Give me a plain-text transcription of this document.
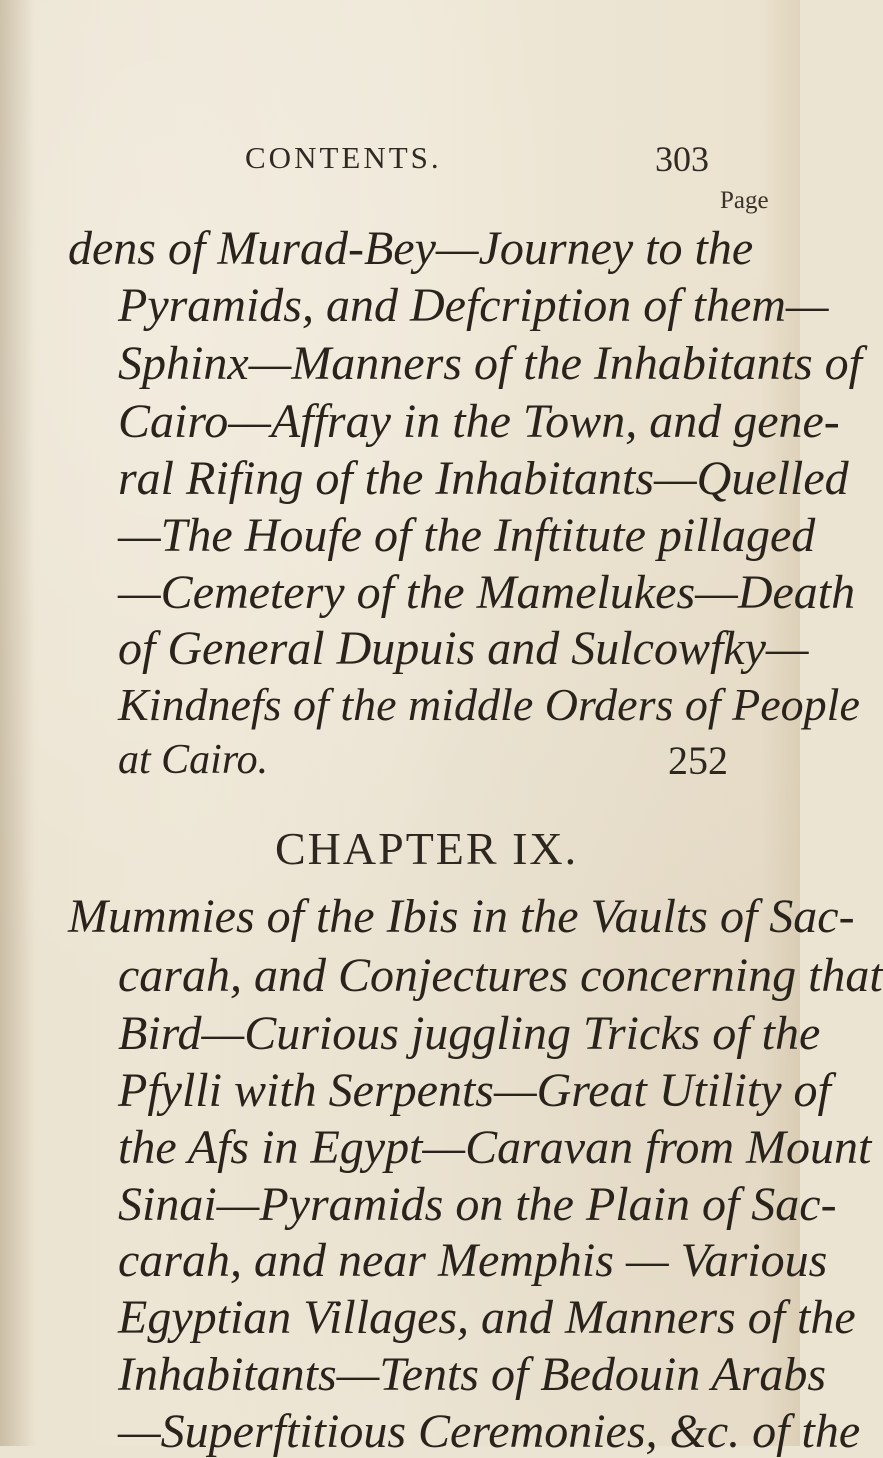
CONTENTS.	303
Page
dens of Murad-Bey—Journey to the
Pyramids, and Defcription of them—
Sphinx—Manners of the Inhabitants of
Cairo—Affray in the Town, and gene-
ral Rifing of the Inhabitants—Quelled
—The Houfe of the Inftitute pillaged
—Cemetery of the Mamelukes—Death
of General Dupuis and Sulcowfky—
Kindnefs of the middle Orders of People
at Cairo.	252
CHAPTER IX.
Mummies of the Ibis in the Vaults of Sac-
carah, and Conjectures concerning that
Bird—Curious juggling Tricks of the
Pfylli with Serpents—Great Utility of
the Afs in Egypt—Caravan from Mount
Sinai—Pyramids on the Plain of Sac-
carah, and near Memphis — Various
Egyptian Villages, and Manners of the
Inhabitants—Tents of Bedouin Arabs
—Superftitious Ceremonies, &c. of the
